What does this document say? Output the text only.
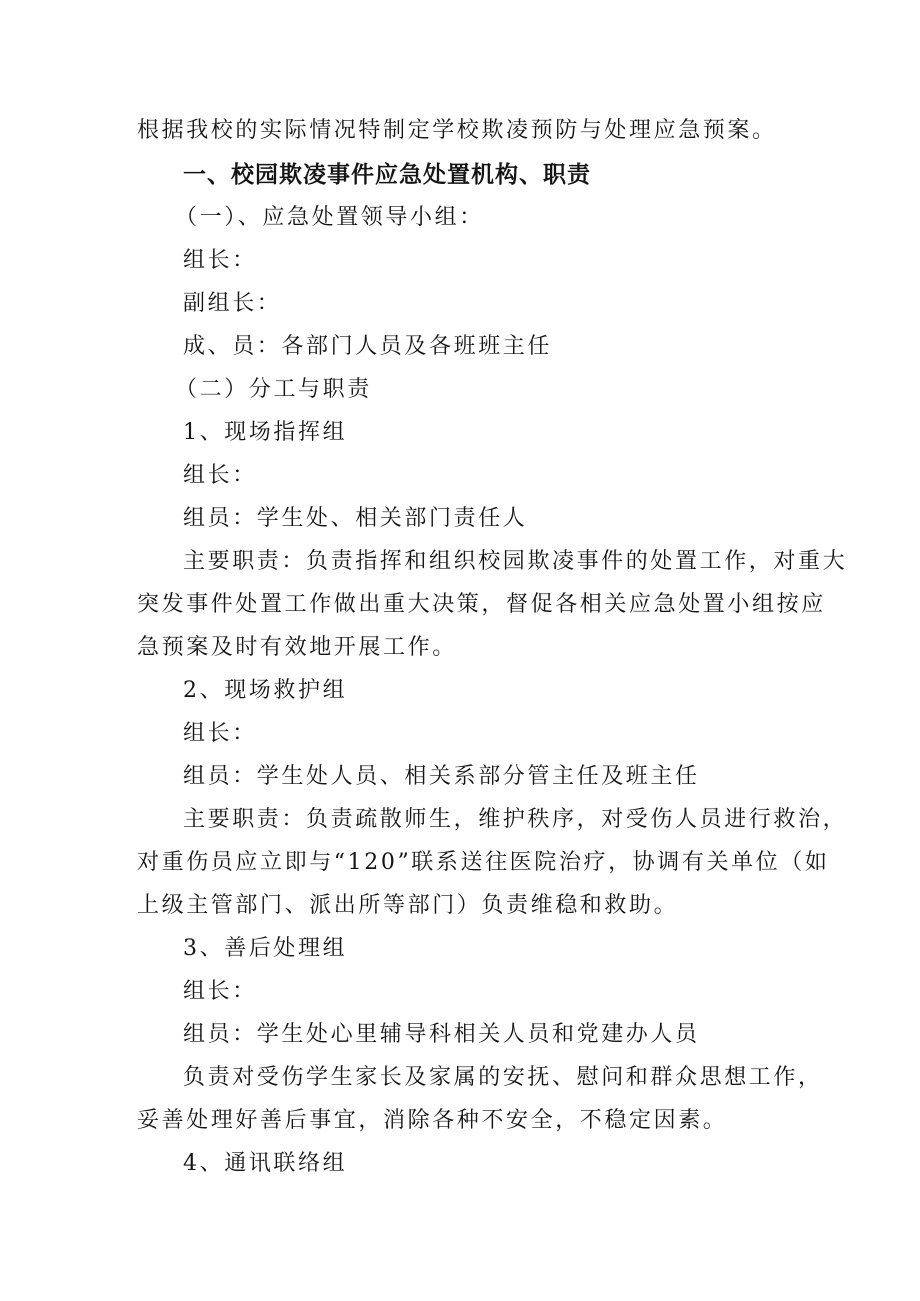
根据我校的实际情况特制定学校欺凌预防与处理应急预案。
一、校园欺凌事件应急处置机构、职责
（一）、应急处置领导小组：
组长：
副组长：
成、员：各部门人员及各班班主任
（二）分工与职责
1、现场指挥组
组长：
组员：学生处、相关部门责任人
主要职责：负责指挥和组织校园欺凌事件的处置工作，对重大
突发事件处置工作做出重大决策，督促各相关应急处置小组按应
急预案及时有效地开展工作。
2、现场救护组
组长：
组员：学生处人员、相关系部分管主任及班主任
主要职责：负责疏散师生，维护秩序，对受伤人员进行救治，
对重伤员应立即与“120”联系送往医院治疗，协调有关单位（如
上级主管部门、派出所等部门）负责维稳和救助。
3、善后处理组
组长：
组员：学生处心里辅导科相关人员和党建办人员
负责对受伤学生家长及家属的安抚、慰问和群众思想工作，
妥善处理好善后事宜，消除各种不安全，不稳定因素。
4、通讯联络组
